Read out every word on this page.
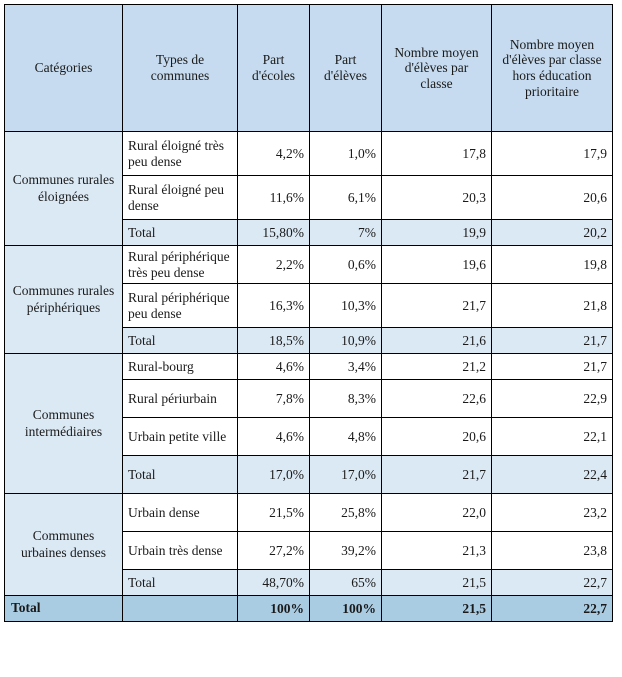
Catégories	Types de communes	Part d'écoles	Part d'élèves	Nombre moyen d'élèves par classe	Nombre moyen d'élèves par classe hors éducation prioritaire
Communes rurales éloignées	Rural éloigné très peu dense	4,2%	1,0%	17,8	17,9
	Rural éloigné peu dense	11,6%	6,1%	20,3	20,6
	Total	15,80%	7%	19,9	20,2
Communes rurales périphériques	Rural périphérique très peu dense	2,2%	0,6%	19,6	19,8
	Rural périphérique peu dense	16,3%	10,3%	21,7	21,8
	Total	18,5%	10,9%	21,6	21,7
Communes intermédiaires	Rural-bourg	4,6%	3,4%	21,2	21,7
	Rural périurbain	7,8%	8,3%	22,6	22,9
	Urbain petite ville	4,6%	4,8%	20,6	22,1
	Total	17,0%	17,0%	21,7	22,4
Communes urbaines denses	Urbain dense	21,5%	25,8%	22,0	23,2
	Urbain très dense	27,2%	39,2%	21,3	23,8
	Total	48,70%	65%	21,5	22,7
Total		100%	100%	21,5	22,7
